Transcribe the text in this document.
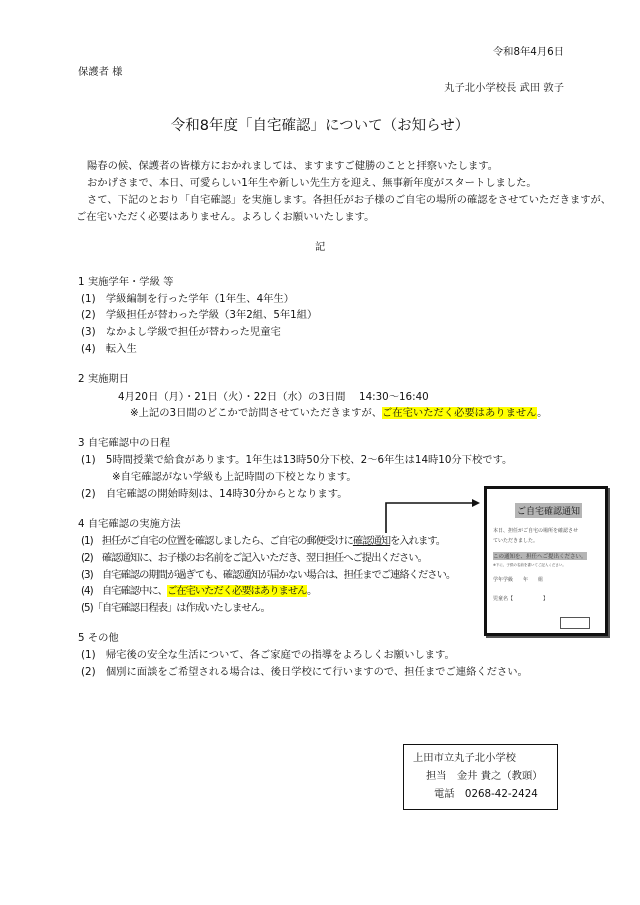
令和8年4月6日
保護者 様
丸子北小学校長 武田 敦子
令和8年度「自宅確認」について（お知らせ）
陽春の候、保護者の皆様方におかれましては、ますますご健勝のことと拝察いたします。
おかげさまで、本日、可愛らしい1年生や新しい先生方を迎え、無事新年度がスタートしました。
さて、下記のとおり「自宅確認」を実施します。各担任がお子様のご自宅の場所の確認をさせていただきますが、
ご在宅いただく必要はありません。よろしくお願いいたします。
記
1 実施学年・学級 等
(1)　学級編制を行った学年（1年生、4年生）
(2)　学級担任が替わった学級（3年2組、5年1組）
(3)　なかよし学級で担任が替わった児童宅
(4)　転入生
2 実施期日
4月20日（月）・21日（火）・22日（水）の3日間　 14:30～16:40
※上記の3日間のどこかで訪問させていただきますが、ご在宅いただく必要はありません。
3 自宅確認中の日程
(1)　5時間授業で給食があります。1年生は13時50分下校、2～6年生は14時10分下校です。
※自宅確認がない学級も上記時間の下校となります。
(2)　自宅確認の開始時刻は、14時30分からとなります。
4 自宅確認の実施方法
(1)　担任がご自宅の位置を確認しましたら、ご自宅の郵便受けに確認通知を入れます。
(2)　確認通知に、お子様のお名前をご記入いただき、翌日担任へご提出ください。
(3)　自宅確認の期間が過ぎても、確認通知が届かない場合は、担任までご連絡ください。
(4)　自宅確認中に、ご在宅いただく必要はありません。
(5)「自宅確認日程表」は作成いたしません。
ご自宅確認通知
本日、担任がご自宅の場所を確認させ
ていただきました。
この通知を、担任へご提出ください。
※下に、子供の名前を書いてご記入ください。
学年学級　　年　　組
児童名【　　　　　　】
5 その他
(1)　帰宅後の安全な生活について、各ご家庭での指導をよろしくお願いします。
(2)　個別に面談をご希望される場合は、後日学校にて行いますので、担任までご連絡ください。
上田市立丸子北小学校
担当　金井 貴之（教頭）
電話　0268-42-2424
